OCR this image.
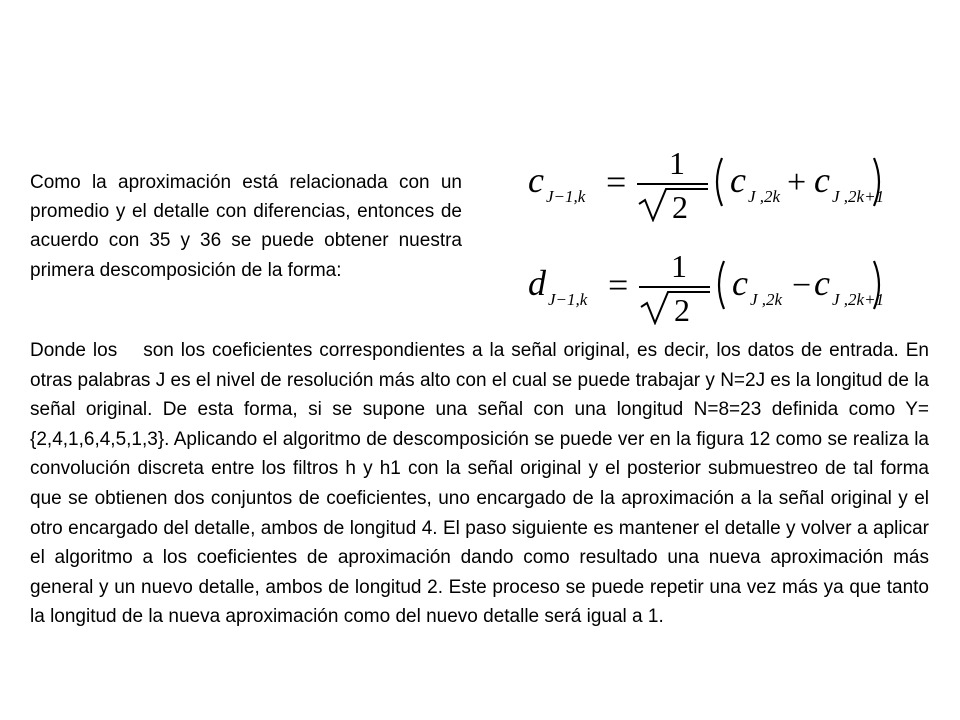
Como la aproximación está relacionada con un promedio y el detalle con diferencias, entonces de acuerdo con 35 y 36 se puede obtener nuestra primera descomposición de la forma:

c J−1,k = 1
2
c J ,2k + c J ,2k+1
d J−1,k = 1
2
c J ,2k − c J ,2k+1

Donde los son los coeficientes correspondientes a la señal original, es decir, los datos de entrada. En otras palabras J es el nivel de resolución más alto con el cual se puede trabajar y N=2J es la longitud de la señal original. De esta forma, si se supone una señal con una longitud N=8=23 definida como Y={2,4,1,6,4,5,1,3}. Aplicando el algoritmo de descomposición se puede ver en la figura 12 como se realiza la convolución discreta entre los filtros h y h1 con la señal original y el posterior submuestreo de tal forma que se obtienen dos conjuntos de coeficientes, uno encargado de la aproximación a la señal original y el otro encargado del detalle, ambos de longitud 4. El paso siguiente es mantener el detalle y volver a aplicar el algoritmo a los coeficientes de aproximación dando como resultado una nueva aproximación más general y un nuevo detalle, ambos de longitud 2. Este proceso se puede repetir una vez más ya que tanto la longitud de la nueva aproximación como del nuevo detalle será igual a 1.
